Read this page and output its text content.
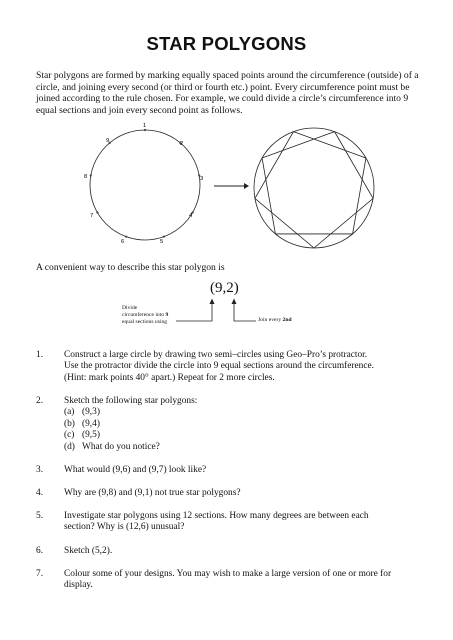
STAR POLYGONS
Star polygons are formed by marking equally spaced points around the circumference (outside) of a circle, and joining every second (or third or fourth etc.) point. Every circumference point must be joined according to the rule chosen. For example, we could divide a circle’s circumference into 9 equal sections and join every second point as follows.
1
2
3
4
5
6
7
8
9
A convenient way to describe this star polygon is
(9,2)
Divide
circumference into 9
equal sections using	Join every 2nd
1. Construct a large circle by drawing two semi–circles using Geo–Pro’s protractor.
Use the protractor divide the circle into 9 equal sections around the circumference.
(Hint: mark points 40° apart.) Repeat for 2 more circles.
2. Sketch the following star polygons:
(a) (9,3)
(b) (9,4)
(c) (9,5)
(d) What do you notice?
3. What would (9,6) and (9,7) look like?
4. Why are (9,8) and (9,1) not true star polygons?
5. Investigate star polygons using 12 sections. How many degrees are between each
section? Why is (12,6) unusual?
6. Sketch (5,2).
7. Colour some of your designs. You may wish to make a large version of one or more for
display.
